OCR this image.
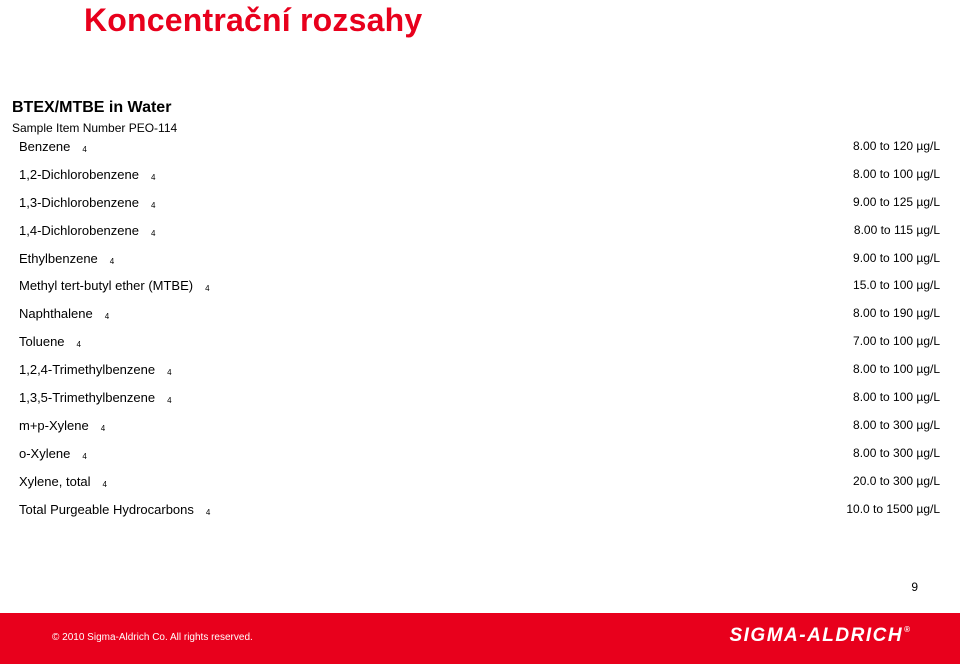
Koncentrační rozsahy
BTEX/MTBE in Water
Sample Item Number PEO-114
Benzene 4	8.00 to 120 µg/L
1,2-Dichlorobenzene 4	8.00 to 100 µg/L
1,3-Dichlorobenzene 4	9.00 to 125 µg/L
1,4-Dichlorobenzene 4	8.00 to 115 µg/L
Ethylbenzene 4	9.00 to 100 µg/L
Methyl tert-butyl ether (MTBE) 4	15.0 to 100 µg/L
Naphthalene 4	8.00 to 190 µg/L
Toluene 4	7.00 to 100 µg/L
1,2,4-Trimethylbenzene 4	8.00 to 100 µg/L
1,3,5-Trimethylbenzene 4	8.00 to 100 µg/L
m+p-Xylene 4	8.00 to 300 µg/L
o-Xylene 4	8.00 to 300 µg/L
Xylene, total 4	20.0 to 300 µg/L
Total Purgeable Hydrocarbons 4	10.0 to 1500 µg/L
9
© 2010 Sigma-Aldrich Co. All rights reserved.	SIGMA-ALDRICH®
